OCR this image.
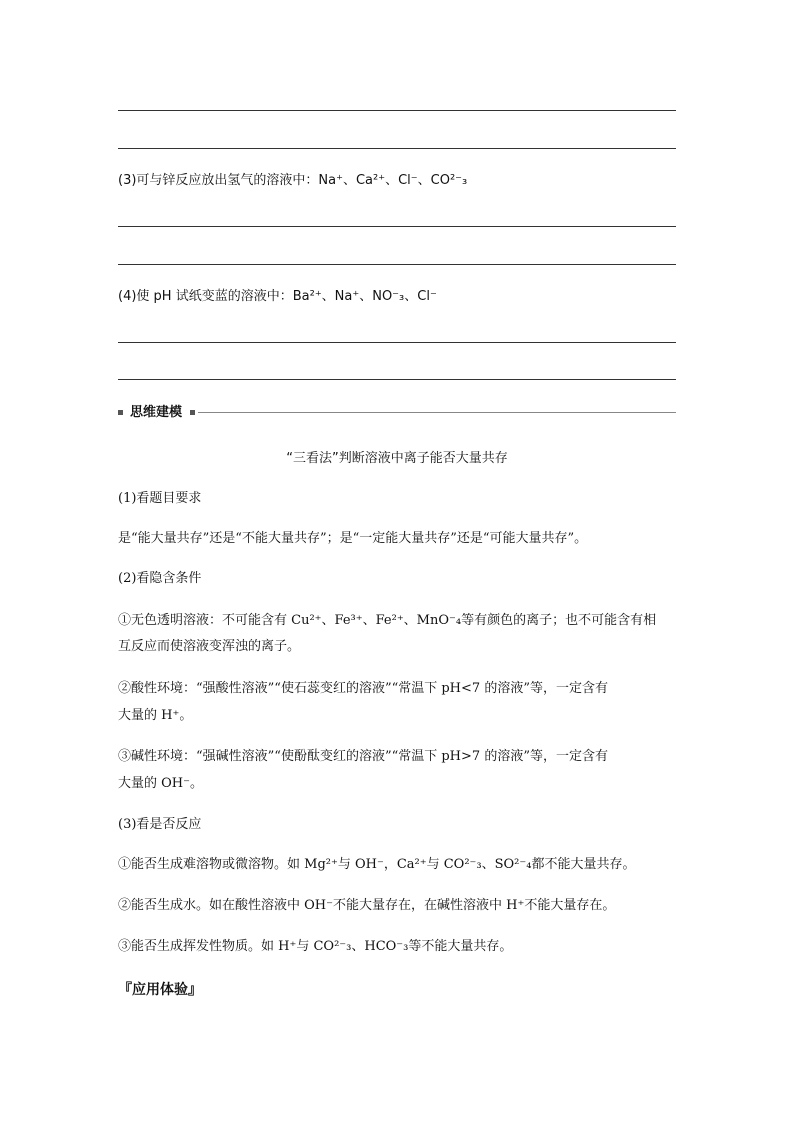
(3)可与锌反应放出氢气的溶液中：Na⁺、Ca²⁺、Cl⁻、CO²⁻₃
(4)使 pH 试纸变蓝的溶液中：Ba²⁺、Na⁺、NO⁻₃、Cl⁻
思维建模
“三看法”判断溶液中离子能否大量共存
(1)看题目要求
是“能大量共存”还是“不能大量共存”；是“一定能大量共存”还是“可能大量共存”。
(2)看隐含条件
①无色透明溶液：不可能含有 Cu²⁺、Fe³⁺、Fe²⁺、MnO⁻₄等有颜色的离子；也不可能含有相
互反应而使溶液变浑浊的离子。
②酸性环境：“强酸性溶液”“使石蕊变红的溶液”“常温下 pH<7 的溶液”等，一定含有
大量的 H⁺。
③碱性环境：“强碱性溶液”“使酚酞变红的溶液”“常温下 pH>7 的溶液”等，一定含有
大量的 OH⁻。
(3)看是否反应
①能否生成难溶物或微溶物。如 Mg²⁺与 OH⁻，Ca²⁺与 CO²⁻₃、SO²⁻₄都不能大量共存。
②能否生成水。如在酸性溶液中 OH⁻不能大量存在，在碱性溶液中 H⁺不能大量存在。
③能否生成挥发性物质。如 H⁺与 CO²⁻₃、HCO⁻₃等不能大量共存。
『应用体验』
